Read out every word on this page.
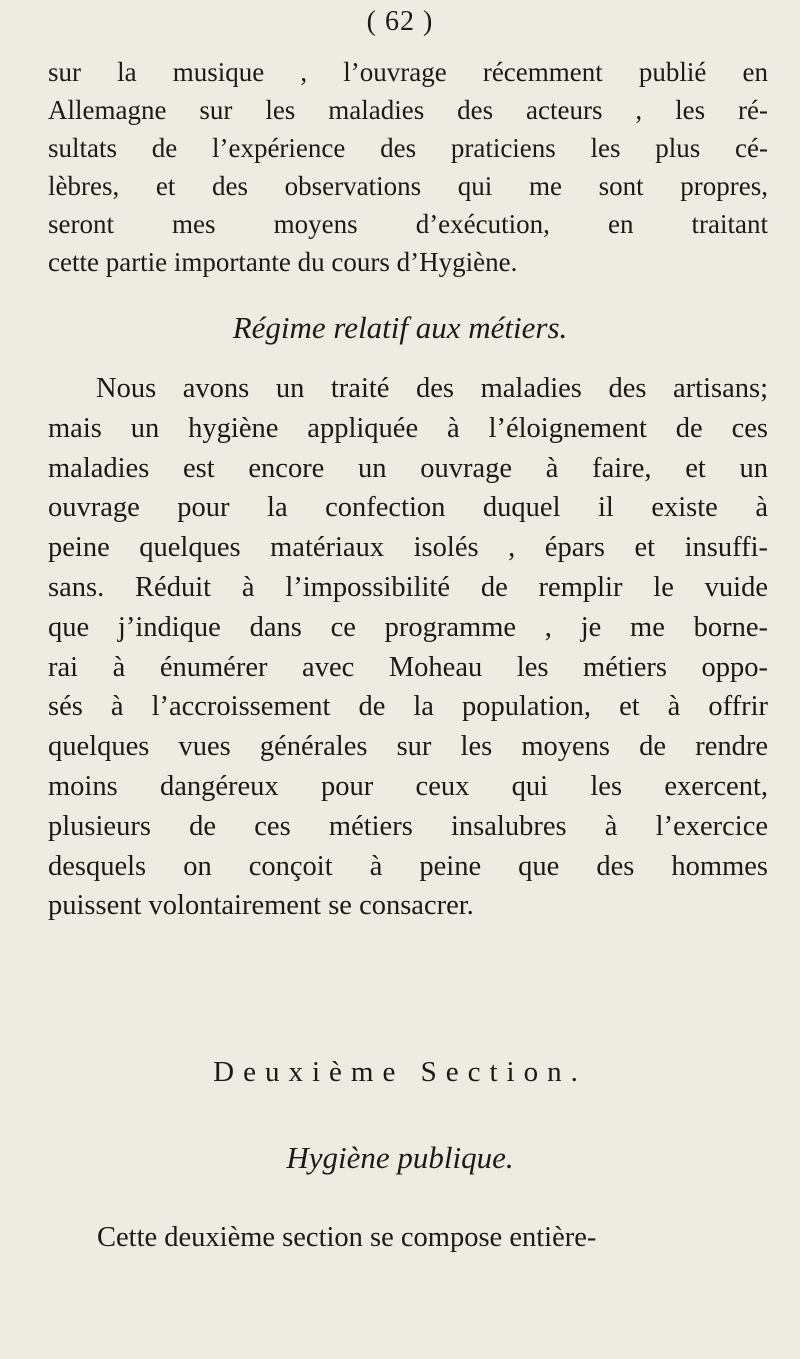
( 62 )
sur la musique , l’ouvrage récemment publié en
Allemagne sur les maladies des acteurs , les ré-
sultats de l’expérience des praticiens les plus cé-
lèbres, et des observations qui me sont propres,
seront mes moyens d’exécution, en traitant
cette partie importante du cours d’Hygiène.
Régime relatif aux métiers.
Nous avons un traité des maladies des artisans;
mais un hygiène appliquée à l’éloignement de ces
maladies est encore un ouvrage à faire, et un
ouvrage pour la confection duquel il existe à
peine quelques matériaux isolés , épars et insuffi-
sans. Réduit à l’impossibilité de remplir le vuide
que j’indique dans ce programme , je me borne-
rai à énumérer avec Moheau les métiers oppo-
sés à l’accroissement de la population, et à offrir
quelques vues générales sur les moyens de rendre
moins dangéreux pour ceux qui les exercent,
plusieurs de ces métiers insalubres à l’exercice
desquels on conçoit à peine que des hommes
puissent volontairement se consacrer.
Deuxième Section.
Hygiène publique.
Cette deuxième section se compose entière-
